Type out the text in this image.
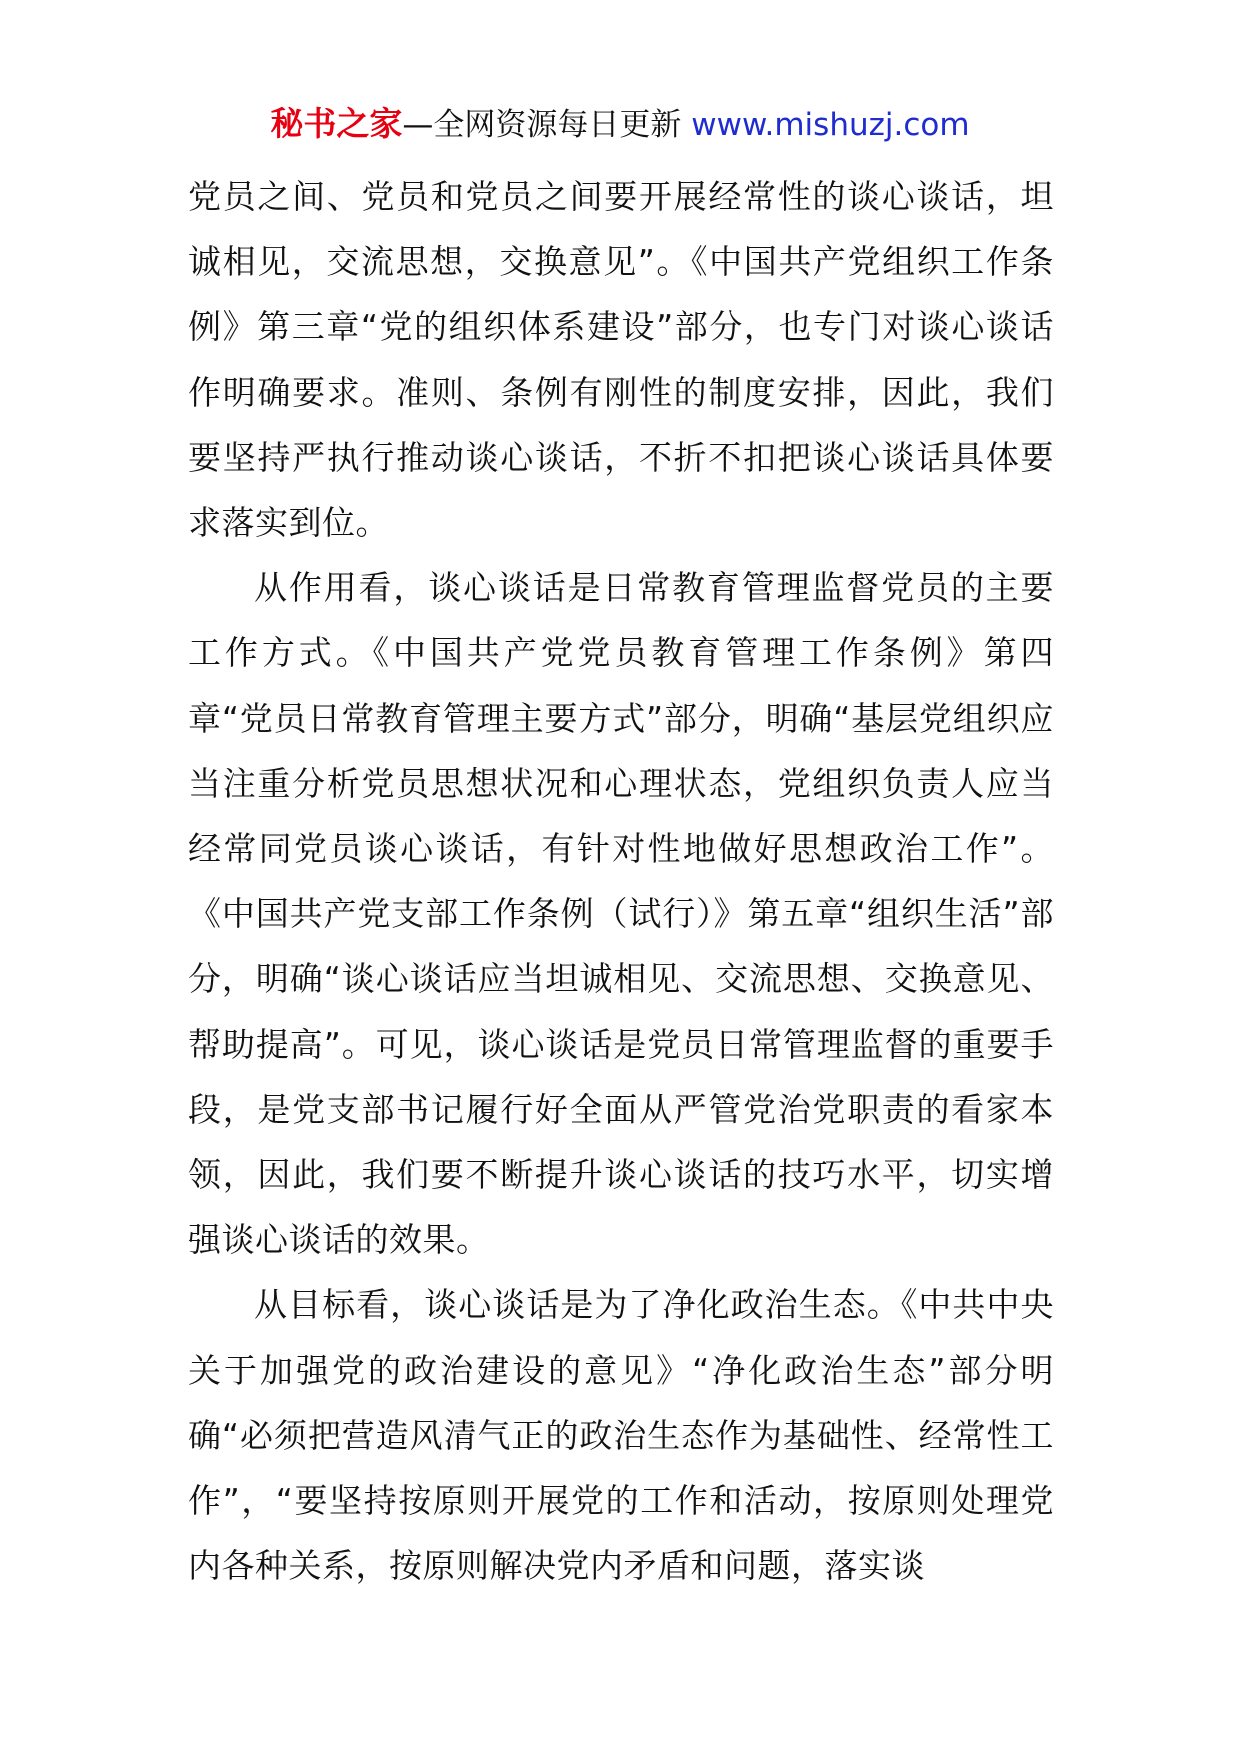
秘书之家—全网资源每日更新 www.mishuzj.com

党员之间、党员和党员之间要开展经常性的谈心谈话，坦诚相见，交流思想，交换意见”。《中国共产党组织工作条例》第三章“党的组织体系建设”部分，也专门对谈心谈话作明确要求。准则、条例有刚性的制度安排，因此，我们要坚持严执行推动谈心谈话，不折不扣把谈心谈话具体要求落实到位。

从作用看，谈心谈话是日常教育管理监督党员的主要工作方式。《中国共产党党员教育管理工作条例》第四章“党员日常教育管理主要方式”部分，明确“基层党组织应当注重分析党员思想状况和心理状态，党组织负责人应当经常同党员谈心谈话，有针对性地做好思想政治工作”。《中国共产党支部工作条例（试行）》第五章“组织生活”部分，明确“谈心谈话应当坦诚相见、交流思想、交换意见、帮助提高”。可见，谈心谈话是党员日常管理监督的重要手段，是党支部书记履行好全面从严管党治党职责的看家本领，因此，我们要不断提升谈心谈话的技巧水平，切实增强谈心谈话的效果。

从目标看，谈心谈话是为了净化政治生态。《中共中央关于加强党的政治建设的意见》“净化政治生态”部分明确“必须把营造风清气正的政治生态作为基础性、经常性工作”，“要坚持按原则开展党的工作和活动，按原则处理党内各种关系，按原则解决党内矛盾和问题，落实谈
